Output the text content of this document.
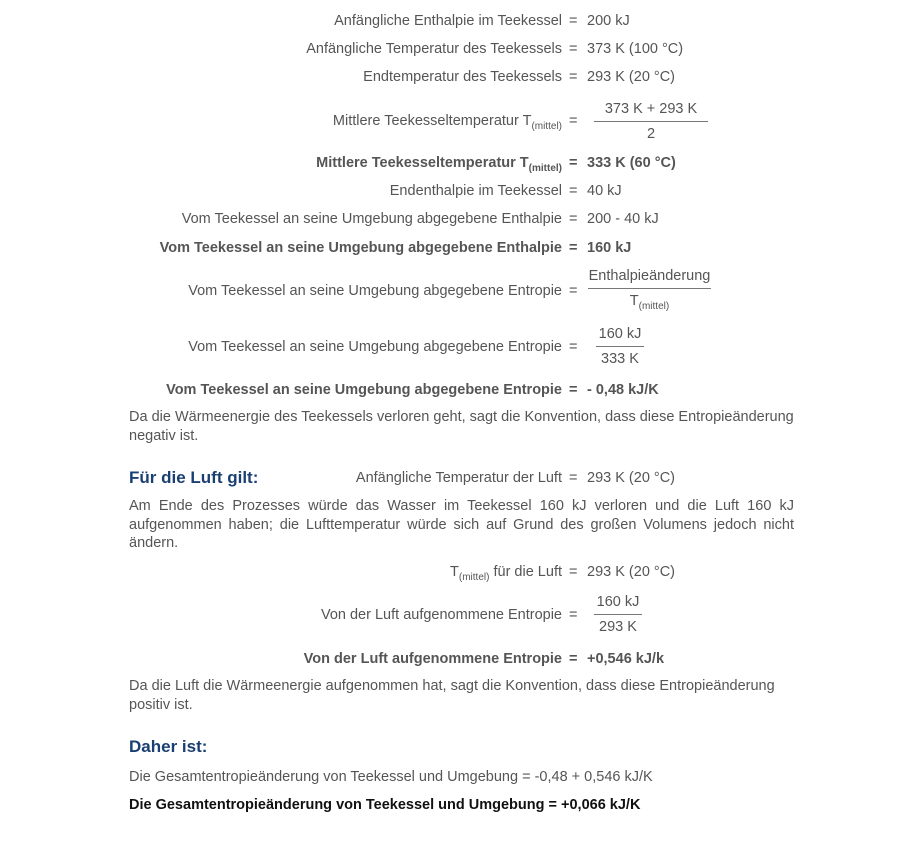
Anfängliche Enthalpie im Teekessel = 200 kJ
Anfängliche Temperatur des Teekessels = 373 K (100 °C)
Endtemperatur des Teekessels = 293 K (20 °C)
Mittlere Teekesseltemperatur $T_{(mittel)} = \frac{373 K + 293 K}{2}$
Mittlere Teekesseltemperatur $T_{(mittel)} = 333$ K (60 °C)
Endenthalpie im Teekessel = 40 kJ
Vom Teekessel an seine Umgebung abgegebene Enthalpie = 200 - 40 kJ
Vom Teekessel an seine Umgebung abgegebene Enthalpie = 160 kJ
Vom Teekessel an seine Umgebung abgegebene Entropie =
Enthalpieänderung
$T_{(mittel)}$
Vom Teekessel an seine Umgebung abgegebene Entropie = $\frac{160 kJ}{333 K}$
Vom Teekessel an seine Umgebung abgegebene Entropie = - 0,48 kJ/K
Da die Wärmeenergie des Teekessels verloren geht, sagt die Konvention, dass diese Entropieänderung negativ ist.
Für die Luft gilt:	Anfängliche Temperatur der Luft = 293 K (20 °C)
Am Ende des Prozesses würde das Wasser im Teekessel 160 kJ verloren und die Luft 160 kJ aufgenommen haben; die Lufttemperatur würde sich auf Grund des großen Volumens jedoch nicht ändern.
$T_{(mittel)}$ für die Luft = 293 K (20 °C)
Von der Luft aufgenommene Entropie = $\frac{160 kJ}{293 K}$
Von der Luft aufgenommene Entropie = +0,546 kJ/k
Da die Luft die Wärmeenergie aufgenommen hat, sagt die Konvention, dass diese Entropieänderung positiv ist.
Daher ist:
Die Gesamtentropieänderung von Teekessel und Umgebung = -0,48 + 0,546 kJ/K
Die Gesamtentropieänderung von Teekessel und Umgebung = +0,066 kJ/K
